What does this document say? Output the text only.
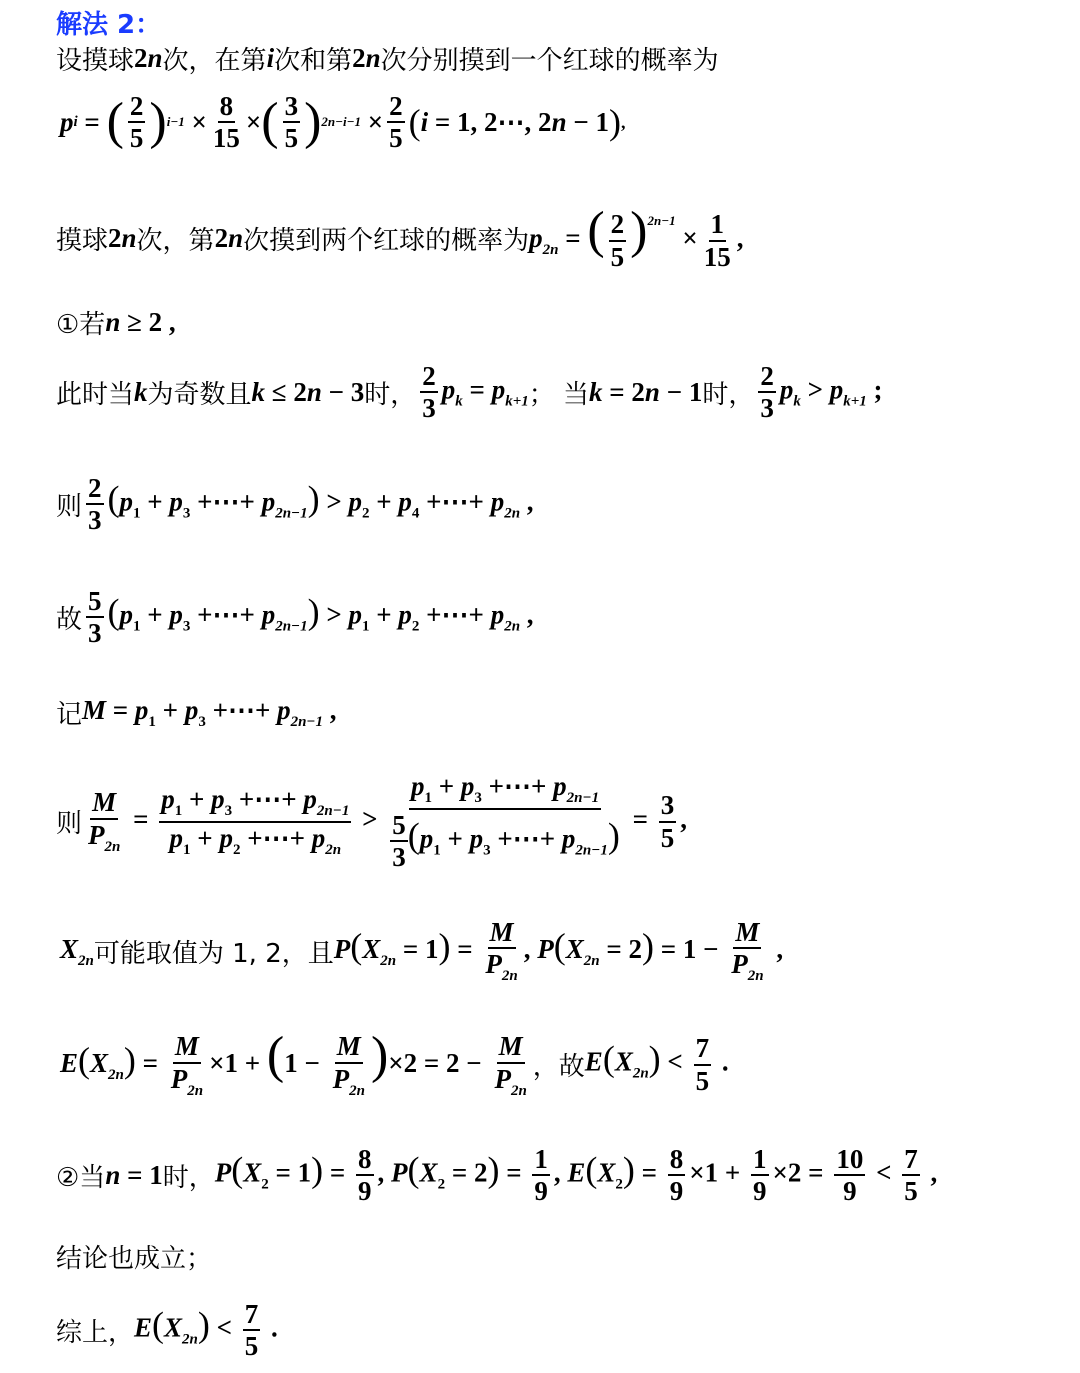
解法 2：
设摸球 2n 次，在第 i 次和第 2n 次分别摸到一个红球的概率为
p i = ( $\frac{2}{5}$ ) $i-1 \times \frac{8}{15}$ × ( $\frac{3}{5}$ ) $2n-i-1 \times \frac{2}{5}$ ( i = 1, 2⋯, 2 n − 1 ) ,
摸球 2n 次，第 2n 次摸到两个红球的概率为 $p_{2n}$ = ( $\frac{2}{5} )^{2n-1} \times \frac{1}{15}$ ,
①若 n ≥ 2 ,
此时当 k 为奇数且 k ≤ 2n − 3 时， $\frac{2}{3} p_k = p_{k+1}$ ； 当 k = 2n − 1 时， $\frac{2}{3} p_k > p_{k+1}$ ;
则 $\frac{2}{3} (p_1 + p_3$ +⋯+ $p_{2n-1}) > p_2 + p_4$ +⋯+ $p_{2n}$ ,
故 $\frac{5}{3} (p_1 + p_3$ +⋯+ $p_{2n-1}) > p_1 + p_2$ +⋯+ $p_{2n}$ ,
记 $M = p_1 + p_3$ +⋯+ $p_{2n-1}$ ,
则 $\frac{M}{P_{2n}} = \frac{p_1 + p_3 +\cdots+ p_{2n-1}}{p_1 + p_2 +\cdots+ p_{2n}} > \frac{p_1 + p_3 +\cdots+ p_{2n-1}}{\frac{5}{3} (p_1 + p_3 +\cdots+ p_{2n-1})} = \frac{3}{5}$ ,
$X_{2n}$ 可能取值为 1, 2，且 $P(X_{2n} = 1) = \frac{M}{P_{2n}}$ , $P(X_{2n} = 2) = 1 - \frac{M}{P_{2n}}$ ,
$E(X_{2n}) = \frac{M}{P_{2n}} \times 1 + (1 - \frac{M}{P_{2n}} )\times 2 = 2 - \frac{M}{P_{2n}}$ ，故 $E(X_{2n}) < \frac{7}{5}$ .
②当 n = 1 时， $P(X_2 = 1) = \frac{8}{9}$ , $P(X_2 = 2) = \frac{1}{9}$ , $E(X_2) = \frac{8}{9} \times 1 + \frac{1}{9} \times 2 = \frac{10}{9} < \frac{7}{5}$ ,
结论也成立；
综上， $E(X_{2n}) < \frac{7}{5}$ .
